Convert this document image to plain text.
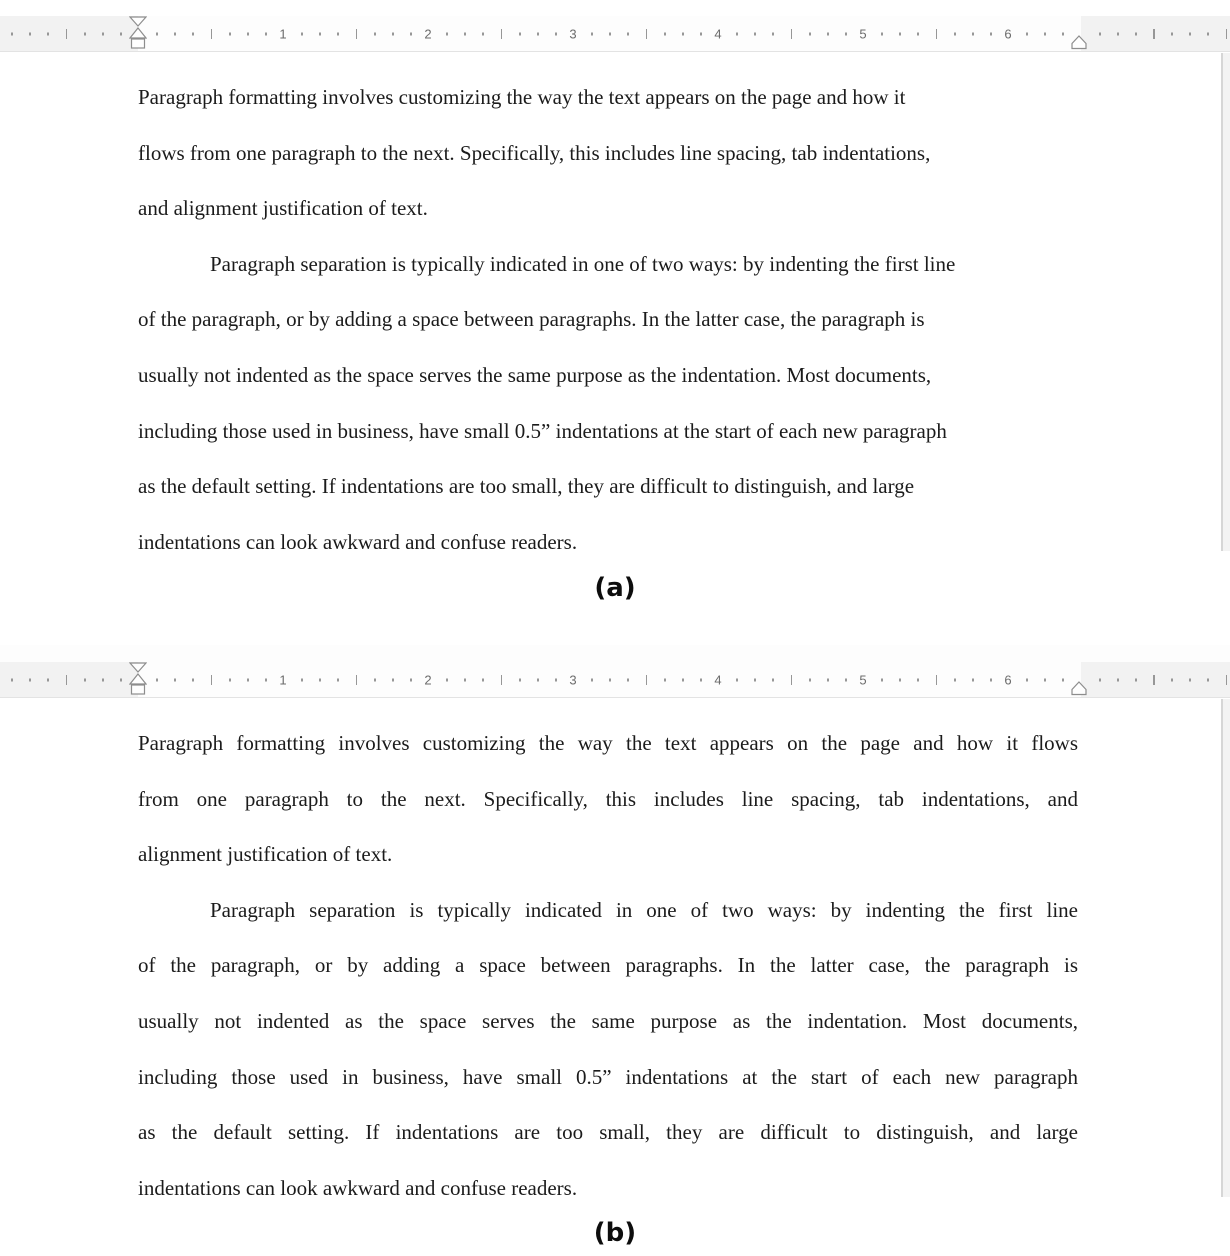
1	2	3	4	5	6
Paragraph formatting involves customizing the way the text appears on the page and how it
flows from one paragraph to the next. Specifically, this includes line spacing, tab indentations,
and alignment justification of text.
Paragraph separation is typically indicated in one of two ways: by indenting the first line
of the paragraph, or by adding a space between paragraphs. In the latter case, the paragraph is
usually not indented as the space serves the same purpose as the indentation. Most documents,
including those used in business, have small 0.5” indentations at the start of each new paragraph
as the default setting. If indentations are too small, they are difficult to distinguish, and large
indentations can look awkward and confuse readers.
(a)
1	2	3	4	5	6
Paragraph formatting involves customizing the way the text appears on the page and how it flows
from one paragraph to the next. Specifically, this includes line spacing, tab indentations, and
alignment justification of text.
Paragraph separation is typically indicated in one of two ways: by indenting the first line
of the paragraph, or by adding a space between paragraphs. In the latter case, the paragraph is
usually not indented as the space serves the same purpose as the indentation. Most documents,
including those used in business, have small 0.5” indentations at the start of each new paragraph
as the default setting. If indentations are too small, they are difficult to distinguish, and large
indentations can look awkward and confuse readers.
(b)
